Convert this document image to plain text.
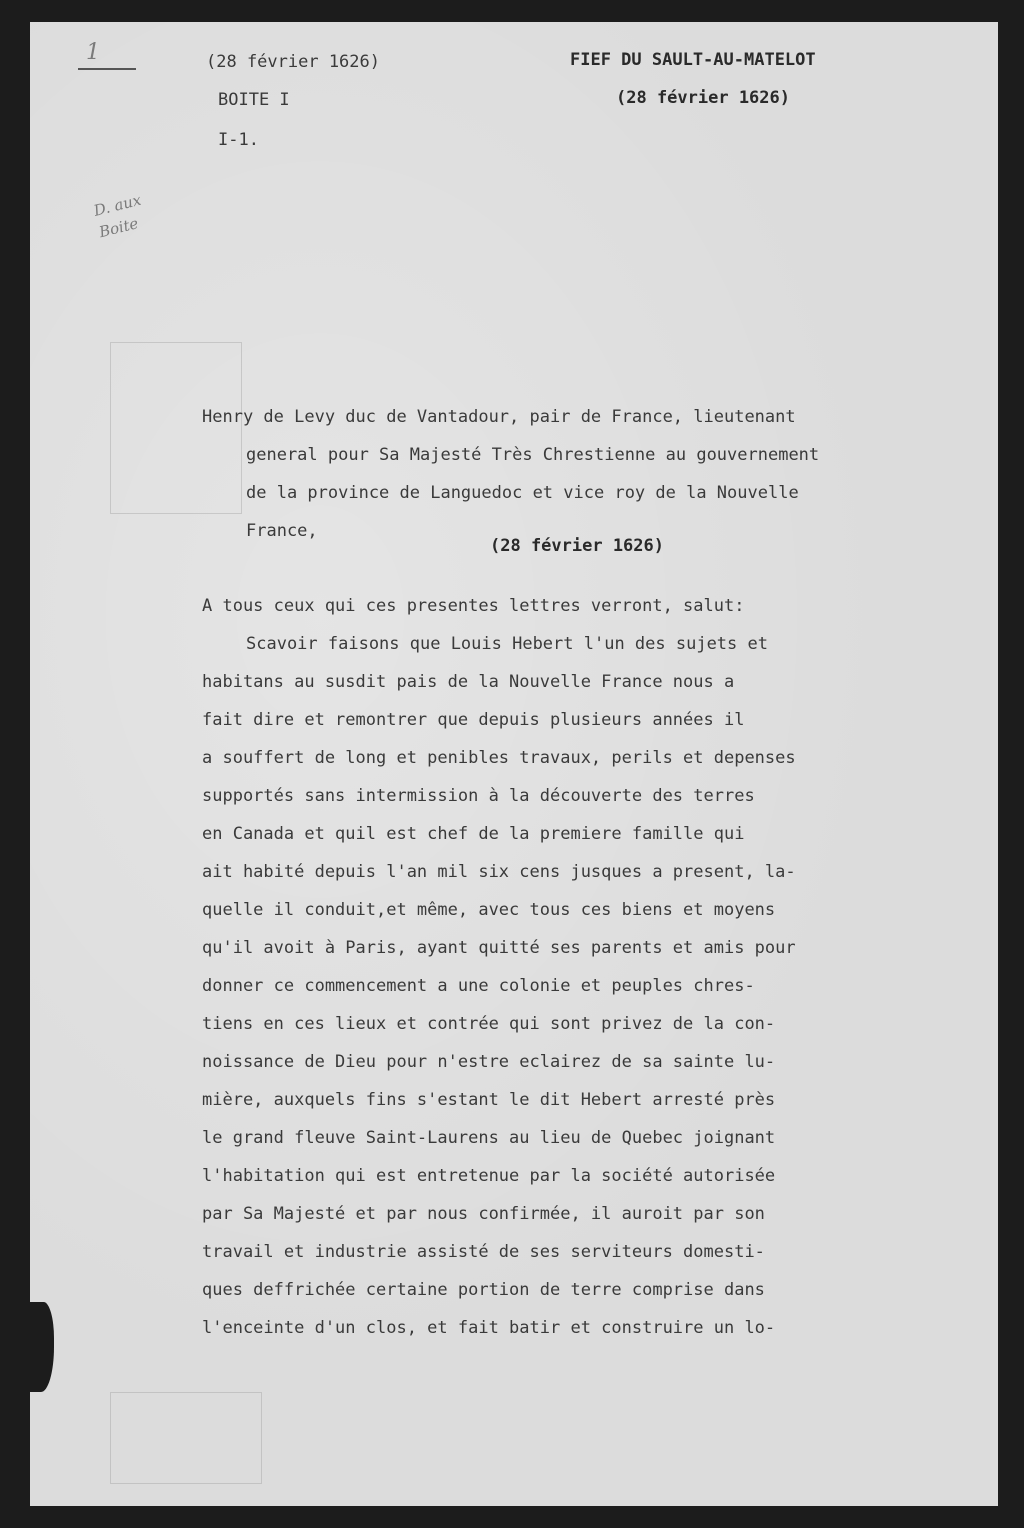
1
D. aux
Boite
(28 février 1626)
BOITE I
I-1.
FIEF DU SAULT-AU-MATELOT
(28 février 1626)
Henry de Levy duc de Vantadour, pair de France, lieutenant
general pour Sa Majesté Très Chrestienne au gouvernement
de la province de Languedoc et vice roy de la Nouvelle
France,
(28 février 1626)
A tous ceux qui ces presentes lettres verront, salut:
Scavoir faisons que Louis Hebert l'un des sujets et
habitans au susdit pais de la Nouvelle France nous a
fait dire et remontrer que depuis plusieurs années il
a souffert de long et penibles travaux, perils et depenses
supportés sans intermission à la découverte des terres
en Canada et quil est chef de la premiere famille qui
ait habité depuis l'an mil six cens jusques a present, la-
quelle il conduit,et même, avec tous ces biens et moyens
qu'il avoit à Paris, ayant quitté ses parents et amis pour
donner ce commencement a une colonie et peuples chres-
tiens en ces lieux et contrée qui sont privez de la con-
noissance de Dieu pour n'estre eclairez de sa sainte lu-
mière, auxquels fins s'estant le dit Hebert arresté près
le grand fleuve Saint-Laurens au lieu de Quebec joignant
l'habitation qui est entretenue par la société autorisée
par Sa Majesté et par nous confirmée, il auroit par son
travail et industrie assisté de ses serviteurs domesti-
ques deffrichée certaine portion de terre comprise dans
l'enceinte d'un clos, et fait batir et construire un lo-
